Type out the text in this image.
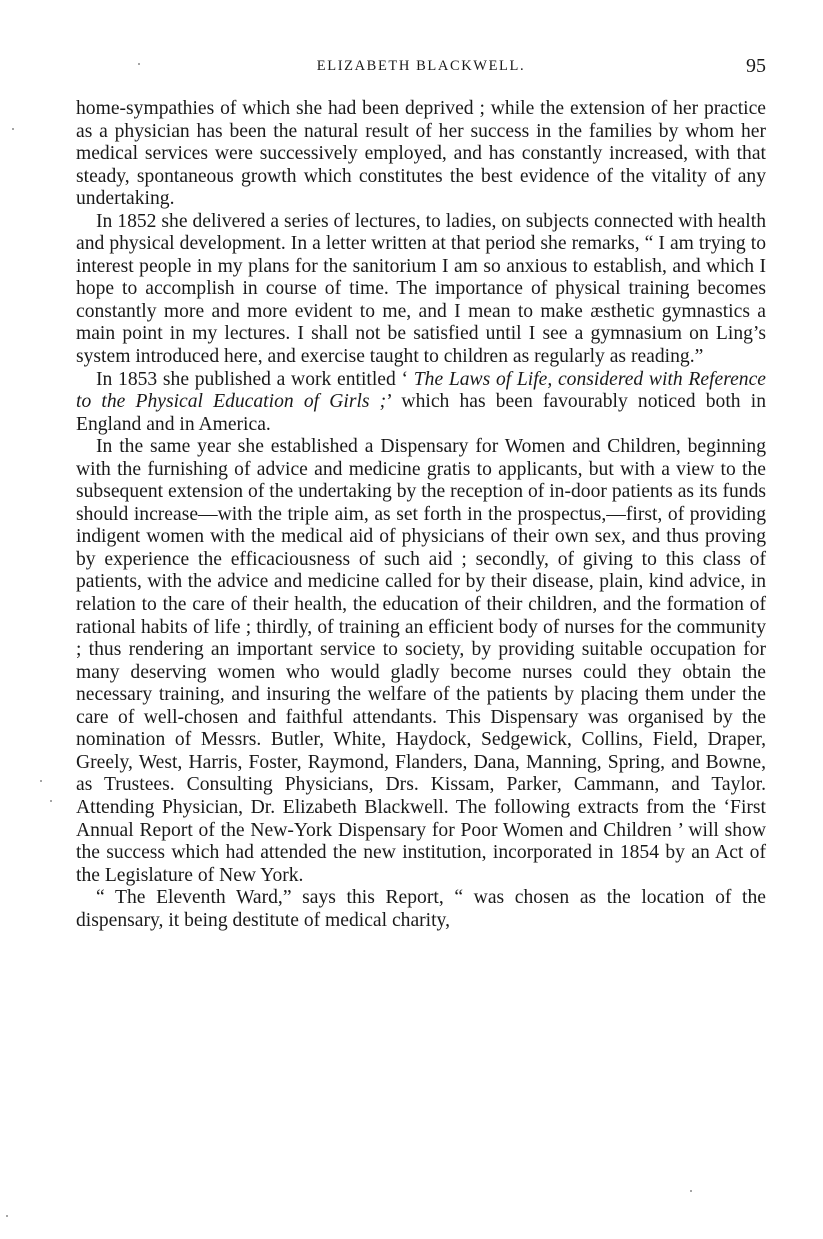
ELIZABETH BLACKWELL.	95

home-sympathies of which she had been deprived ; while the extension of her practice as a physician has been the natural result of her success in the families by whom her medical services were successively employed, and has constantly increased, with that steady, spontaneous growth which constitutes the best evidence of the vitality of any undertaking.

In 1852 she delivered a series of lectures, to ladies, on subjects connected with health and physical development. In a letter written at that period she remarks, “ I am trying to interest people in my plans for the sanitorium I am so anxious to establish, and which I hope to accomplish in course of time. The importance of physical training becomes constantly more and more evident to me, and I mean to make æsthetic gymnastics a main point in my lectures. I shall not be satisfied until I see a gymnasium on Ling’s system introduced here, and exercise taught to children as regularly as reading.”

In 1853 she published a work entitled ‘ The Laws of Life, considered with Reference to the Physical Education of Girls ;’ which has been favourably noticed both in England and in America.

In the same year she established a Dispensary for Women and Children, beginning with the furnishing of advice and medicine gratis to applicants, but with a view to the subsequent extension of the undertaking by the reception of in-door patients as its funds should increase—with the triple aim, as set forth in the prospectus,—first, of providing indigent women with the medical aid of physicians of their own sex, and thus proving by experience the efficaciousness of such aid ; secondly, of giving to this class of patients, with the advice and medicine called for by their disease, plain, kind advice, in relation to the care of their health, the education of their children, and the formation of rational habits of life ; thirdly, of training an efficient body of nurses for the community ; thus rendering an important service to society, by providing suitable occupation for many deserving women who would gladly become nurses could they obtain the necessary training, and insuring the welfare of the patients by placing them under the care of well-chosen and faithful attendants. This Dispensary was organised by the nomination of Messrs. Butler, White, Haydock, Sedgewick, Collins, Field, Draper, Greely, West, Harris, Foster, Raymond, Flanders, Dana, Manning, Spring, and Bowne, as Trustees. Consulting Physicians, Drs. Kissam, Parker, Cammann, and Taylor. Attending Physician, Dr. Elizabeth Blackwell. The following extracts from the ‘First Annual Report of the New-York Dispensary for Poor Women and Children ’ will show the success which had attended the new institution, incorporated in 1854 by an Act of the Legislature of New York.

“ The Eleventh Ward,” says this Report, “ was chosen as the location of the dispensary, it being destitute of medical charity,
